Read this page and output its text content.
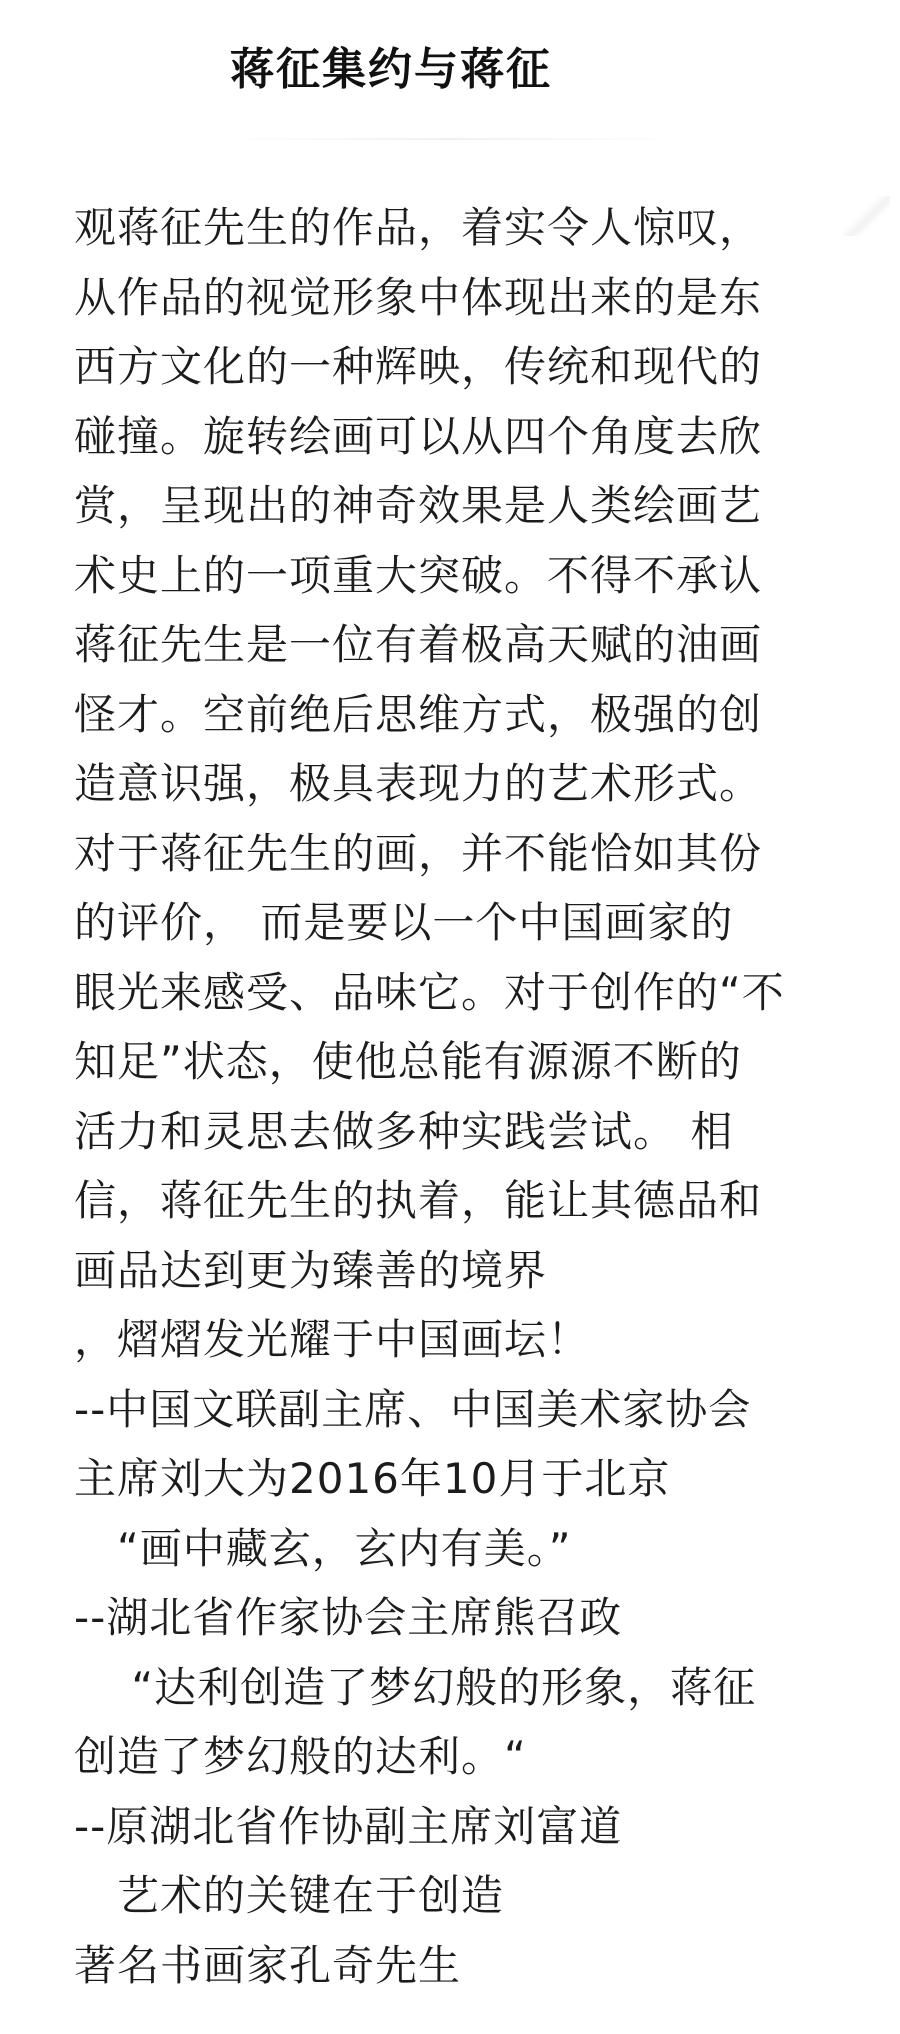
蒋征集约与蒋征
观蒋征先生的作品，着实令人惊叹，
从作品的视觉形象中体现出来的是东
西方文化的一种辉映，传统和现代的
碰撞。旋转绘画可以从四个角度去欣
赏，呈现出的神奇效果是人类绘画艺
术史上的一项重大突破。不得不承认
蒋征先生是一位有着极高天赋的油画
怪才。空前绝后思维方式，极强的创
造意识强，极具表现力的艺术形式。
对于蒋征先生的画，并不能恰如其份
的评价， 而是要以一个中国画家的
眼光来感受、品味它。对于创作的“不
知足”状态，使他总能有源源不断的
活力和灵思去做多种实践尝试。 相
信，蒋征先生的执着，能让其德品和
画品达到更为臻善的境界
，熠熠发光耀于中国画坛！
--中国文联副主席、中国美术家协会
主席刘大为2016年10月于北京
“画中藏玄，玄内有美。”
--湖北省作家协会主席熊召政
“达利创造了梦幻般的形象，蒋征
创造了梦幻般的达利。“
--原湖北省作协副主席刘富道
艺术的关键在于创造
著名书画家孔奇先生
